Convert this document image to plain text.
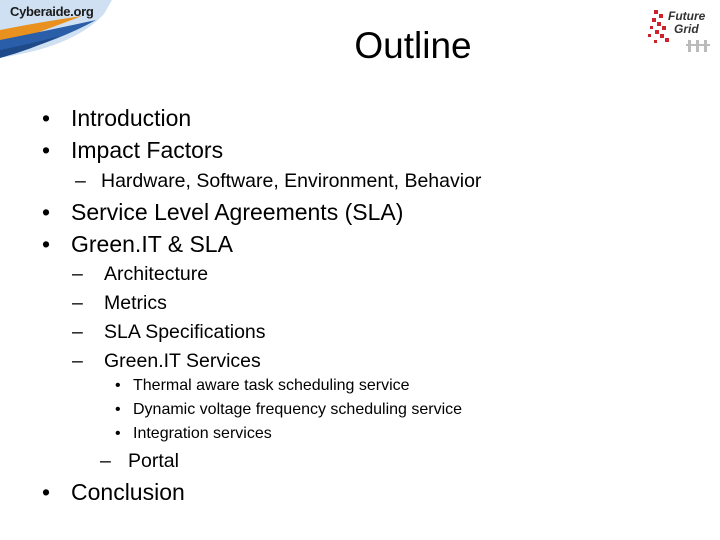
Cyberaide.org	Future
Grid
Outline
• Introduction
• Impact Factors
– Hardware, Software, Environment, Behavior
• Service Level Agreements (SLA)
• Green.IT & SLA
–	Architecture
–	Metrics
–	SLA Specifications
–	Green.IT Services
• Thermal aware task scheduling service
• Dynamic voltage frequency scheduling service
• Integration services
– Portal
• Conclusion
